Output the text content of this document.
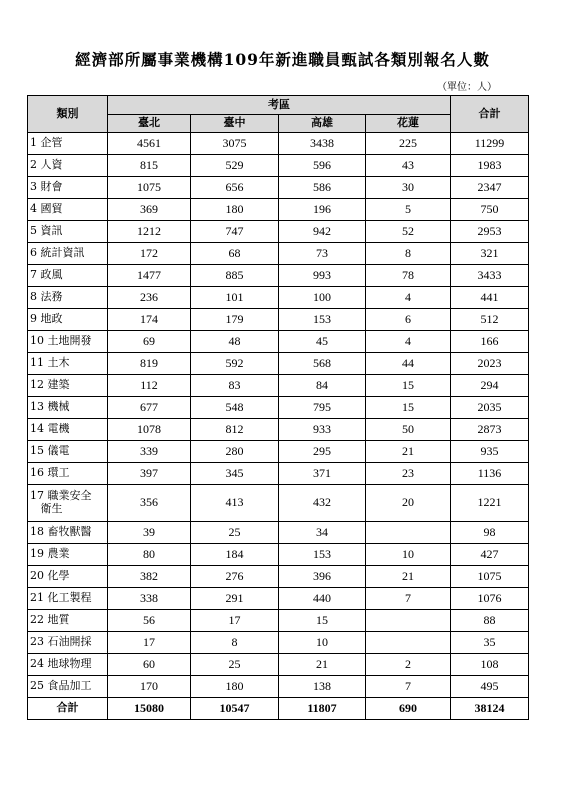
經濟部所屬事業機構109年新進職員甄試各類別報名人數
（單位：人）
類別	考區				合計
	臺北	臺中	高雄	花蓮	
1 企管	4561	3075	3438	225	11299
2 人資	815	529	596	43	1983
3 財會	1075	656	586	30	2347
4 國貿	369	180	196	5	750
5 資訊	1212	747	942	52	2953
6 統計資訊	172	68	73	8	321
7 政風	1477	885	993	78	3433
8 法務	236	101	100	4	441
9 地政	174	179	153	6	512
10 土地開發	69	48	45	4	166
11 土木	819	592	568	44	2023
12 建築	112	83	84	15	294
13 機械	677	548	795	15	2035
14 電機	1078	812	933	50	2873
15 儀電	339	280	295	21	935
16 環工	397	345	371	23	1136
17 職業安全
衛生	356	413	432	20	1221
18 畜牧獸醫	39	25	34		98
19 農業	80	184	153	10	427
20 化學	382	276	396	21	1075
21 化工製程	338	291	440	7	1076
22 地質	56	17	15		88
23 石油開採	17	8	10		35
24 地球物理	60	25	21	2	108
25 食品加工	170	180	138	7	495
合計	15080	10547	11807	690	38124
